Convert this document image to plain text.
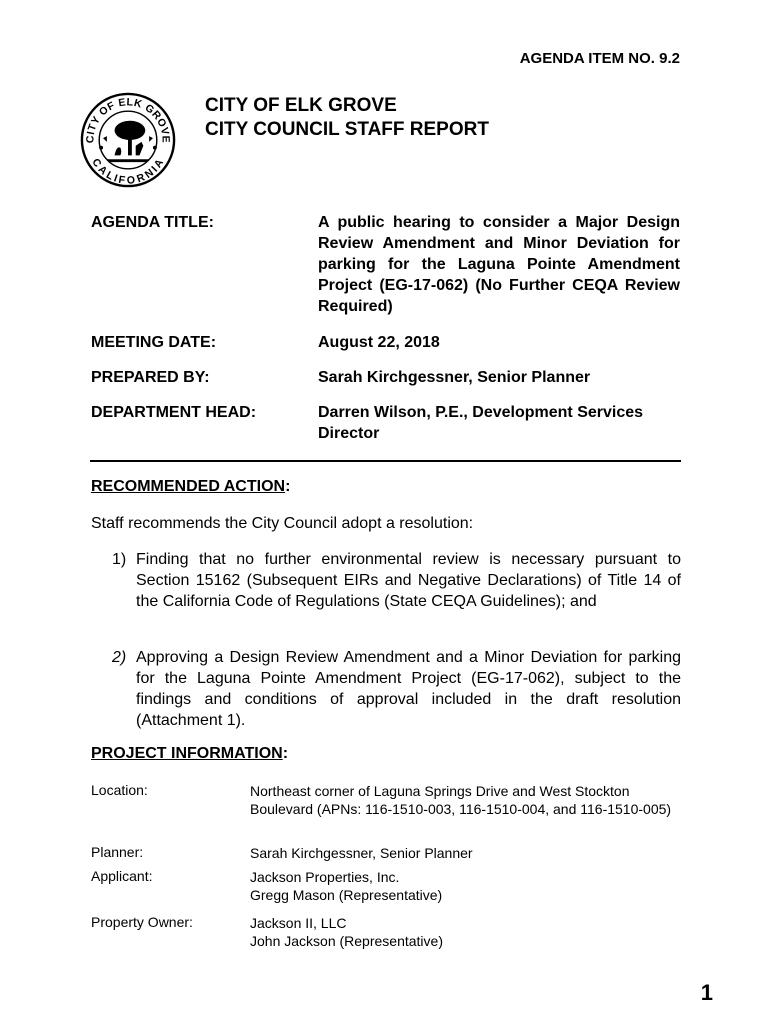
AGENDA ITEM NO. 9.2
CITY OF ELK GROVE
CALIFORNIA
CITY OF ELK GROVE
CITY COUNCIL STAFF REPORT
AGENDA TITLE:	A public hearing to consider a Major Design Review Amendment and Minor Deviation for parking for the Laguna Pointe Amendment Project (EG-17-062) (No Further CEQA Review Required)
MEETING DATE:	August 22, 2018
PREPARED BY:	Sarah Kirchgessner, Senior Planner
DEPARTMENT HEAD:	Darren Wilson, P.E., Development Services Director
RECOMMENDED ACTION:
Staff recommends the City Council adopt a resolution:
1) Finding that no further environmental review is necessary pursuant to Section 15162 (Subsequent EIRs and Negative Declarations) of Title 14 of the California Code of Regulations (State CEQA Guidelines); and
2) Approving a Design Review Amendment and a Minor Deviation for parking for the Laguna Pointe Amendment Project (EG-17-062), subject to the findings and conditions of approval included in the draft resolution (Attachment 1).
PROJECT INFORMATION:
Location:	Northeast corner of Laguna Springs Drive and West Stockton Boulevard (APNs: 116-1510-003, 116-1510-004, and 116-1510-005)
Planner:	Sarah Kirchgessner, Senior Planner
Applicant:	Jackson Properties, Inc.
Gregg Mason (Representative)
Property Owner:	Jackson II, LLC
John Jackson (Representative)
1
